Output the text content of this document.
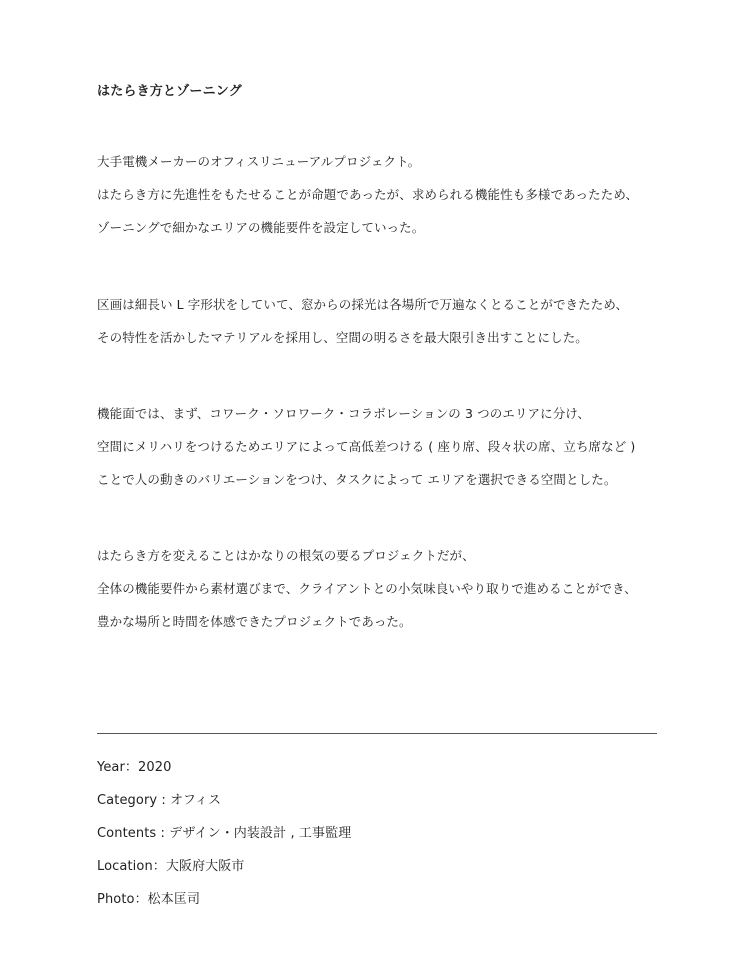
はたらき方とゾーニング
大手電機メーカーのオフィスリニューアルプロジェクト。
はたらき方に先進性をもたせることが命題であったが、求められる機能性も多様であったため、
ゾーニングで細かなエリアの機能要件を設定していった。
区画は細長い L 字形状をしていて、窓からの採光は各場所で万遍なくとることができたため、
その特性を活かしたマテリアルを採用し、空間の明るさを最大限引き出すことにした。
機能面では、まず、コワーク・ソロワーク・コラボレーションの 3 つのエリアに分け、
空間にメリハリをつけるためエリアによって高低差つける ( 座り席、段々状の席、立ち席など )
ことで人の動きのバリエーションをつけ、タスクによって エリアを選択できる空間とした。
はたらき方を変えることはかなりの根気の要るプロジェクトだが、
全体の機能要件から素材選びまで、クライアントとの小気味良いやり取りで進めることができ、
豊かな場所と時間を体感できたプロジェクトであった。
Year：2020
Category : オフィス
Contents : デザイン・内装設計 , 工事監理
Location：大阪府大阪市
Photo：松本匡司
